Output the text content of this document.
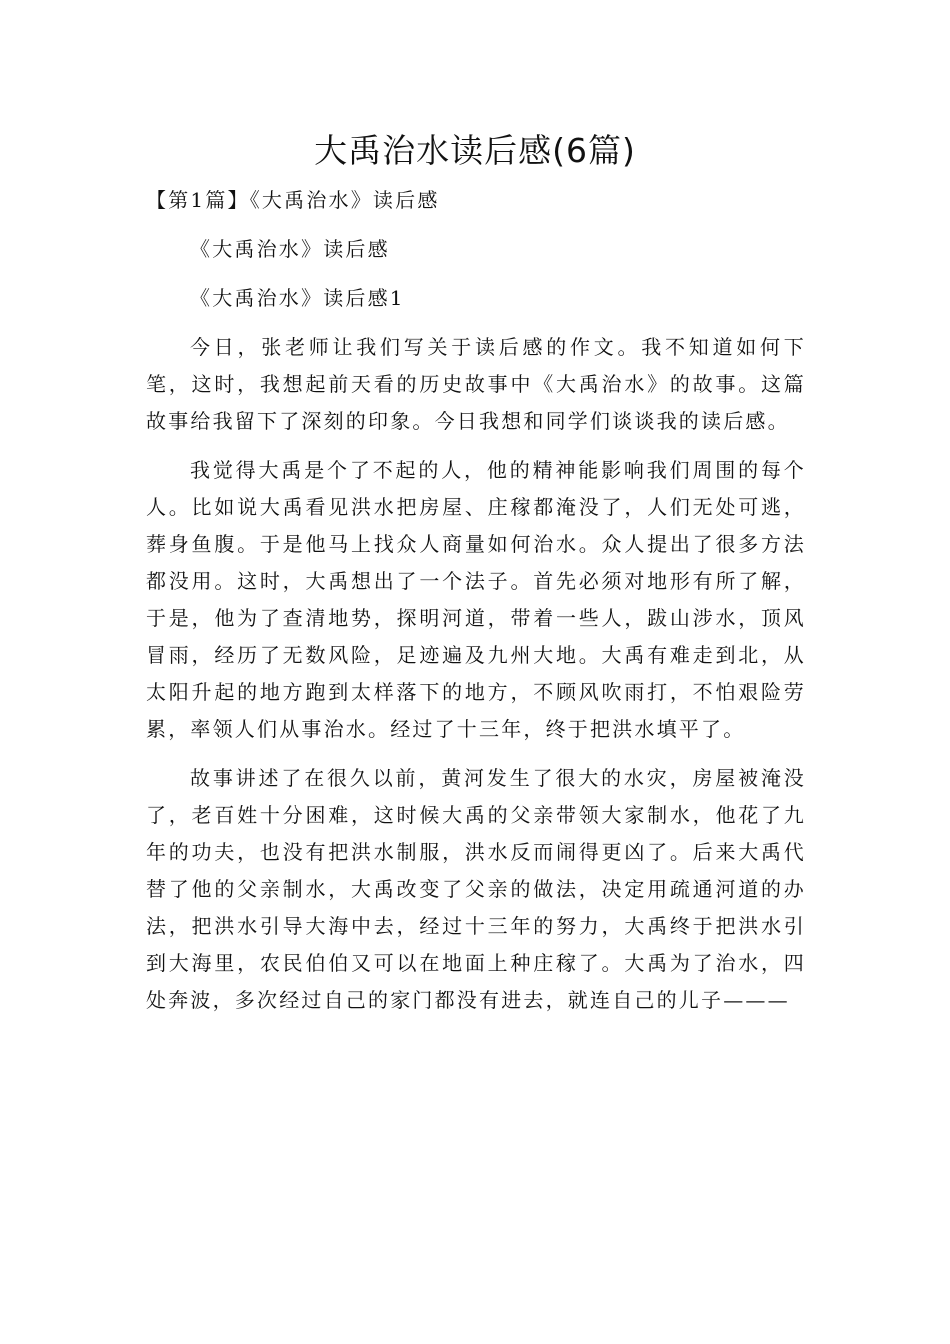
大禹治水读后感(6篇)

【第1篇】《大禹治水》读后感

《大禹治水》读后感

《大禹治水》读后感1

今日，张老师让我们写关于读后感的作文。我不知道如何下笔，这时，我想起前天看的历史故事中《大禹治水》的故事。这篇故事给我留下了深刻的印象。今日我想和同学们谈谈我的读后感。

我觉得大禹是个了不起的人，他的精神能影响我们周围的每个人。比如说大禹看见洪水把房屋、庄稼都淹没了，人们无处可逃，葬身鱼腹。于是他马上找众人商量如何治水。众人提出了很多方法都没用。这时，大禹想出了一个法子。首先必须对地形有所了解，于是，他为了查清地势，探明河道，带着一些人，跋山涉水，顶风冒雨，经历了无数风险，足迹遍及九州大地。大禹有难走到北，从太阳升起的地方跑到太样落下的地方，不顾风吹雨打，不怕艰险劳累，率领人们从事治水。经过了十三年，终于把洪水填平了。

故事讲述了在很久以前，黄河发生了很大的水灾，房屋被淹没了，老百姓十分困难，这时候大禹的父亲带领大家制水，他花了九年的功夫，也没有把洪水制服，洪水反而闹得更凶了。后来大禹代替了他的父亲制水，大禹改变了父亲的做法，决定用疏通河道的办法，把洪水引导大海中去，经过十三年的努力，大禹终于把洪水引到大海里，农民伯伯又可以在地面上种庄稼了。大禹为了治水，四处奔波，多次经过自己的家门都没有进去，就连自己的儿子———
